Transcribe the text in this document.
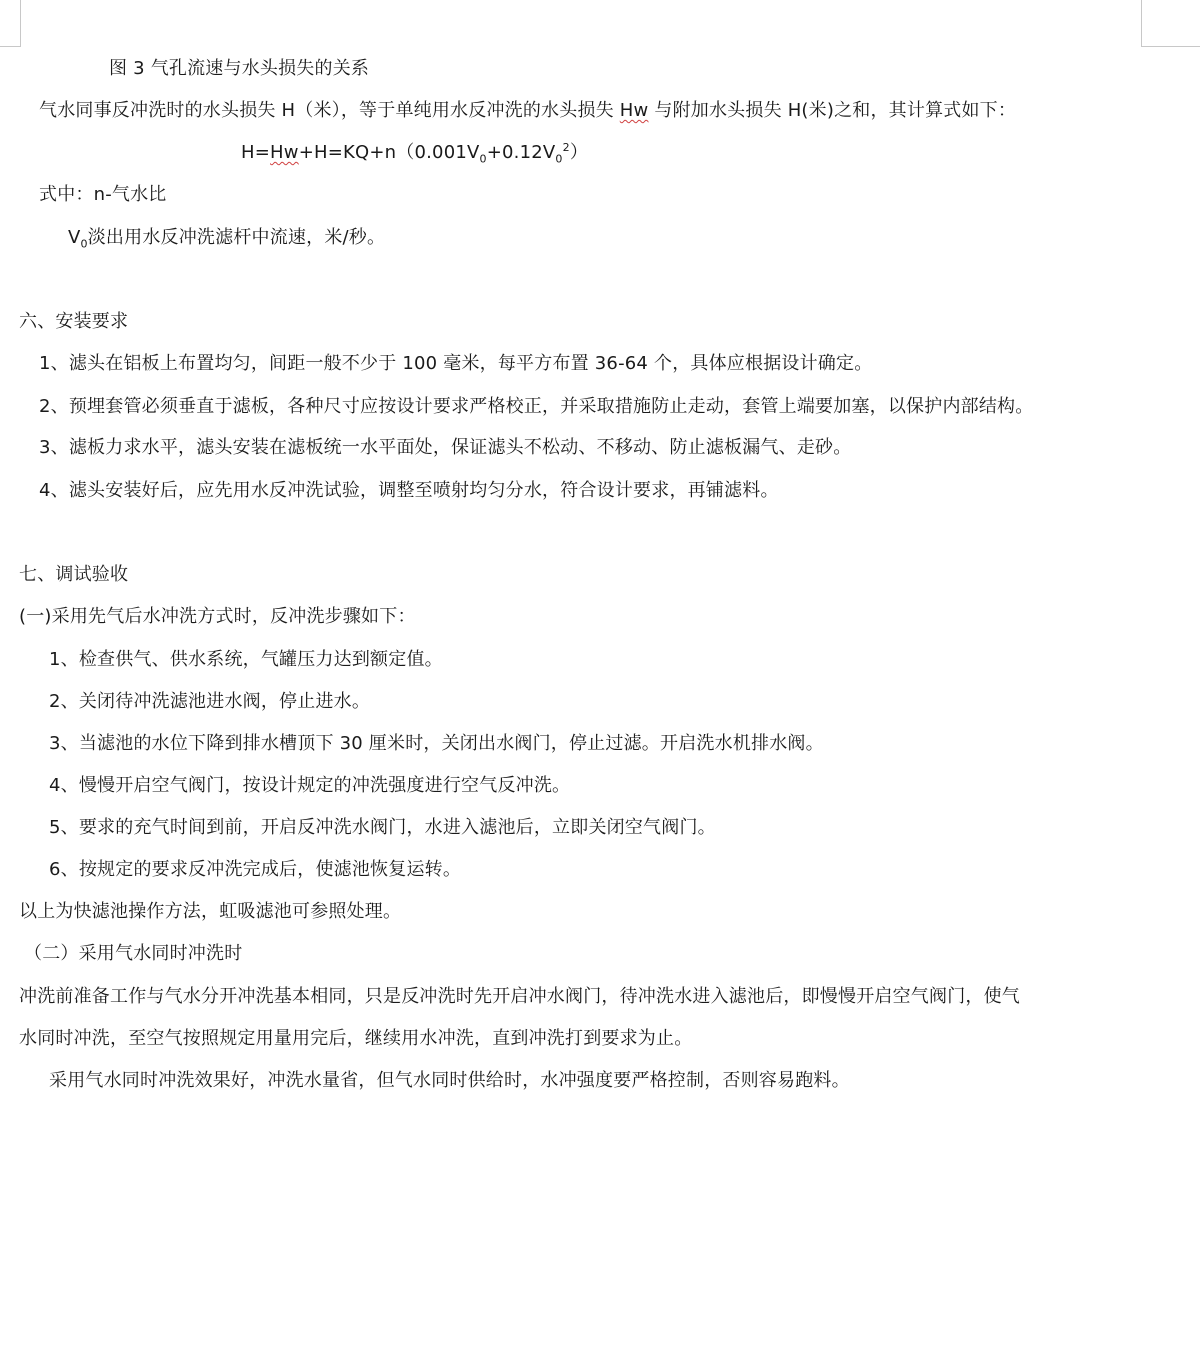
图 3 气孔流速与水头损失的关系
气水同事反冲洗时的水头损失 H（米），等于单纯用水反冲洗的水头损失 Hw 与附加水头损失 H(米)之和，其计算式如下：
$H=Hw+H=KQ+n(0.001V_0+0.12V_0^2)$
式中：n-气水比
$V_0$淡出用水反冲洗滤杆中流速，米/秒。
六、安装要求
1、滤头在铝板上布置均匀，间距一般不少于 100 毫米，每平方布置 36-64 个，具体应根据设计确定。
2、预埋套管必须垂直于滤板，各种尺寸应按设计要求严格校正，并采取措施防止走动，套管上端要加塞，以保护内部结构。
3、滤板力求水平，滤头安装在滤板统一水平面处，保证滤头不松动、不移动、防止滤板漏气、走砂。
4、滤头安装好后，应先用水反冲洗试验，调整至喷射均匀分水，符合设计要求，再铺滤料。
七、调试验收
(一)采用先气后水冲洗方式时，反冲洗步骤如下：
1、检查供气、供水系统，气罐压力达到额定值。
2、关闭待冲洗滤池进水阀，停止进水。
3、当滤池的水位下降到排水槽顶下 30 厘米时，关闭出水阀门，停止过滤。开启洗水机排水阀。
4、慢慢开启空气阀门，按设计规定的冲洗强度进行空气反冲洗。
5、要求的充气时间到前，开启反冲洗水阀门，水进入滤池后，立即关闭空气阀门。
6、按规定的要求反冲洗完成后，使滤池恢复运转。
以上为快滤池操作方法，虹吸滤池可参照处理。
（二）采用气水同时冲洗时
冲洗前准备工作与气水分开冲洗基本相同，只是反冲洗时先开启冲水阀门，待冲洗水进入滤池后，即慢慢开启空气阀门，使气
水同时冲洗，至空气按照规定用量用完后，继续用水冲洗，直到冲洗打到要求为止。
采用气水同时冲洗效果好，冲洗水量省，但气水同时供给时，水冲强度要严格控制，否则容易跑料。
